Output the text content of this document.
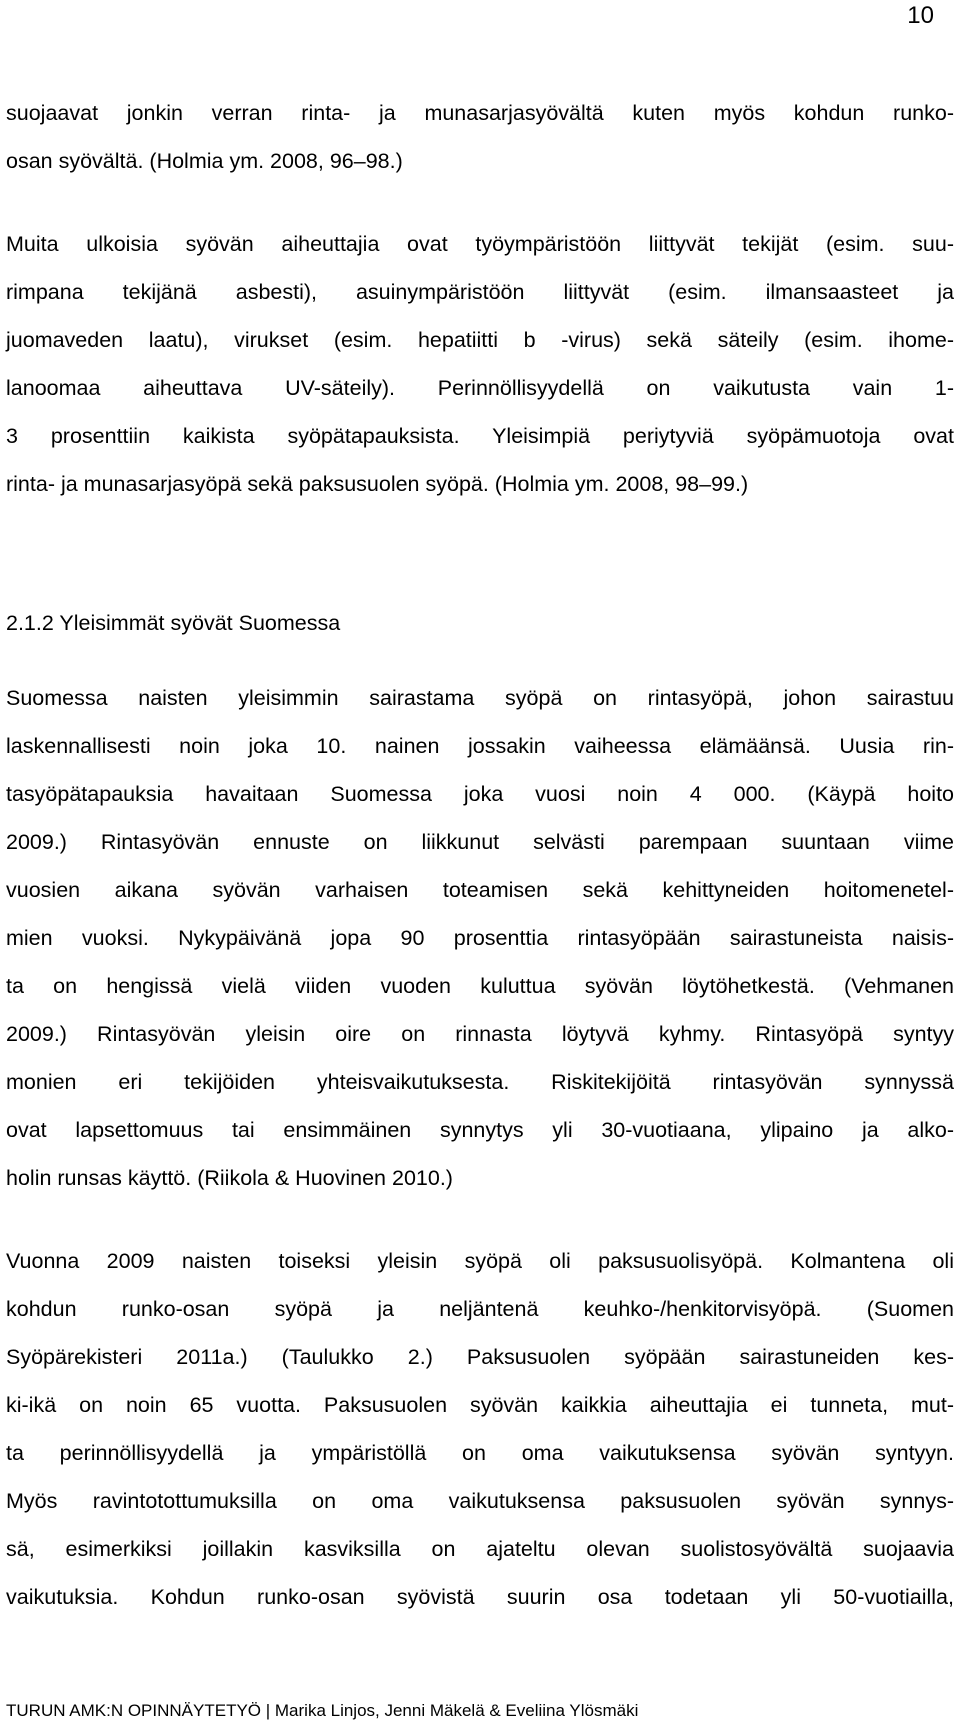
10
suojaavat jonkin verran rinta- ja munasarjasyövältä kuten myös kohdun runko-
osan syövältä. (Holmia ym. 2008, 96‒98.)
Muita ulkoisia syövän aiheuttajia ovat työympäristöön liittyvät tekijät (esim. suu-
rimpana tekijänä asbesti), asuinympäristöön liittyvät (esim. ilmansaasteet ja
juomaveden laatu), virukset (esim. hepatiitti b -virus) sekä säteily (esim. ihome-
lanoomaa aiheuttava UV-säteily). Perinnöllisyydellä on vaikutusta vain 1-
3 prosenttiin kaikista syöpätapauksista. Yleisimpiä periytyviä syöpämuotoja ovat
rinta- ja munasarjasyöpä sekä paksusuolen syöpä. (Holmia ym. 2008, 98‒99.)
2.1.2 Yleisimmät syövät Suomessa
Suomessa naisten yleisimmin sairastama syöpä on rintasyöpä, johon sairastuu
laskennallisesti noin joka 10. nainen jossakin vaiheessa elämäänsä. Uusia rin-
tasyöpätapauksia havaitaan Suomessa joka vuosi noin 4 000. (Käypä hoito
2009.) Rintasyövän ennuste on liikkunut selvästi parempaan suuntaan viime
vuosien aikana syövän varhaisen toteamisen sekä kehittyneiden hoitomenetel-
mien vuoksi. Nykypäivänä jopa 90 prosenttia rintasyöpään sairastuneista naisis-
ta on hengissä vielä viiden vuoden kuluttua syövän löytöhetkestä. (Vehmanen
2009.) Rintasyövän yleisin oire on rinnasta löytyvä kyhmy. Rintasyöpä syntyy
monien eri tekijöiden yhteisvaikutuksesta. Riskitekijöitä rintasyövän synnyssä
ovat lapsettomuus tai ensimmäinen synnytys yli 30-vuotiaana, ylipaino ja alko-
holin runsas käyttö. (Riikola & Huovinen 2010.)
Vuonna 2009 naisten toiseksi yleisin syöpä oli paksusuolisyöpä. Kolmantena oli
kohdun runko-osan syöpä ja neljäntenä keuhko-/henkitorvisyöpä. (Suomen
Syöpärekisteri 2011a.) (Taulukko 2.) Paksusuolen syöpään sairastuneiden kes-
ki-ikä on noin 65 vuotta. Paksusuolen syövän kaikkia aiheuttajia ei tunneta, mut-
ta perinnöllisyydellä ja ympäristöllä on oma vaikutuksensa syövän syntyyn.
Myös ravintotottumuksilla on oma vaikutuksensa paksusuolen syövän synnys-
sä, esimerkiksi joillakin kasviksilla on ajateltu olevan suolistosyövältä suojaavia
vaikutuksia. Kohdun runko-osan syövistä suurin osa todetaan yli 50-vuotiailla,
TURUN AMK:N OPINNÄYTETYÖ | Marika Linjos, Jenni Mäkelä & Eveliina Ylösmäki
